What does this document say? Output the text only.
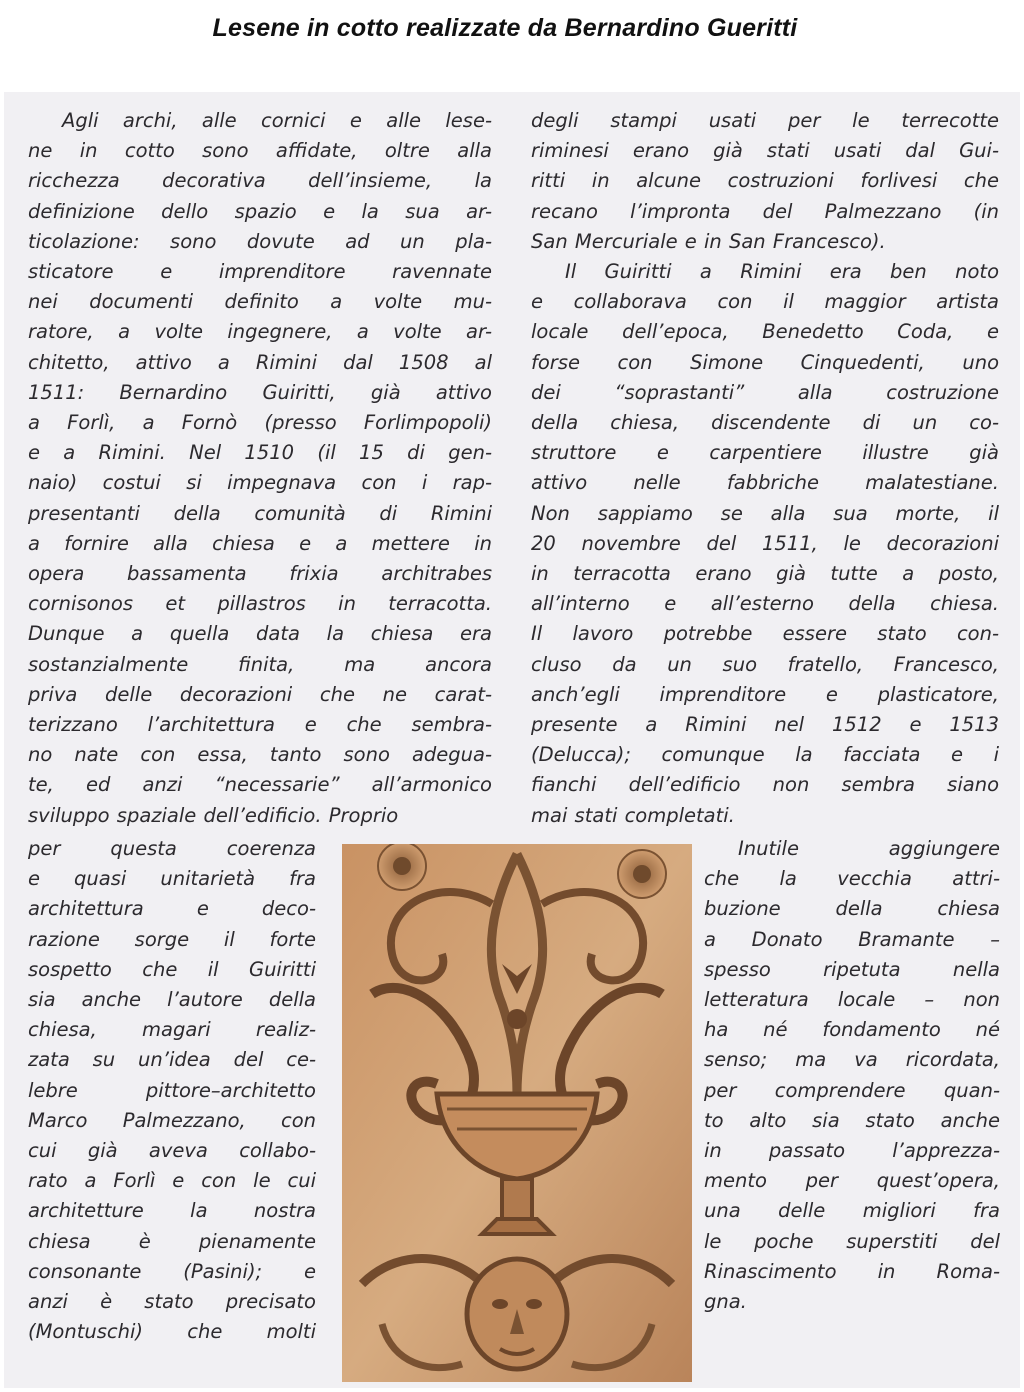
Lesene in cotto realizzate da Bernardino Gueritti
Agli archi, alle cornici e alle lese-
ne in cotto sono affidate, oltre alla
ricchezza decorativa dell’insieme, la
definizione dello spazio e la sua ar-
ticolazione: sono dovute ad un pla-
sticatore e imprenditore ravennate
nei documenti definito a volte mu-
ratore, a volte ingegnere, a volte ar-
chitetto, attivo a Rimini dal 1508 al
1511: Bernardino Guiritti, già attivo
a Forlì, a Fornò (presso Forlimpopoli)
e a Rimini. Nel 1510 (il 15 di gen-
naio) costui si impegnava con i rap-
presentanti della comunità di Rimini
a fornire alla chiesa e a mettere in
opera bassamenta frixia architrabes
cornisonos et pillastros in terracotta.
Dunque a quella data la chiesa era
sostanzialmente finita, ma ancora
priva delle decorazioni che ne carat-
terizzano l’architettura e che sembra-
no nate con essa, tanto sono adegua-
te, ed anzi “necessarie” all’armonico
sviluppo spaziale dell’edificio. Proprio
degli stampi usati per le terrecotte
riminesi erano già stati usati dal Gui-
ritti in alcune costruzioni forlivesi che
recano l’impronta del Palmezzano (in
San Mercuriale e in San Francesco).
Il Guiritti a Rimini era ben noto
e collaborava con il maggior artista
locale dell’epoca, Benedetto Coda, e
forse con Simone Cinquedenti, uno
dei “soprastanti” alla costruzione
della chiesa, discendente di un co-
struttore e carpentiere illustre già
attivo nelle fabbriche malatestiane.
Non sappiamo se alla sua morte, il
20 novembre del 1511, le decorazioni
in terracotta erano già tutte a posto,
all’interno e all’esterno della chiesa.
Il lavoro potrebbe essere stato con-
cluso da un suo fratello, Francesco,
anch’egli imprenditore e plasticatore,
presente a Rimini nel 1512 e 1513
(Delucca); comunque la facciata e i
fianchi dell’edificio non sembra siano
mai stati completati.
per questa coerenza
e quasi unitarietà fra
architettura e deco-
razione sorge il forte
sospetto che il Guiritti
sia anche l’autore della
chiesa, magari realiz-
zata su un’idea del ce-
lebre pittore–architetto
Marco Palmezzano, con
cui già aveva collabo-
rato a Forlì e con le cui
architetture la nostra
chiesa è pienamente
consonante (Pasini); e
anzi è stato precisato
(Montuschi) che molti
Inutile aggiungere
che la vecchia attri-
buzione della chiesa
a Donato Bramante –
spesso ripetuta nella
letteratura locale – non
ha né fondamento né
senso; ma va ricordata,
per comprendere quan-
to alto sia stato anche
in passato l’apprezza-
mento per quest’opera,
una delle migliori fra
le poche superstiti del
Rinascimento in Roma-
gna.
